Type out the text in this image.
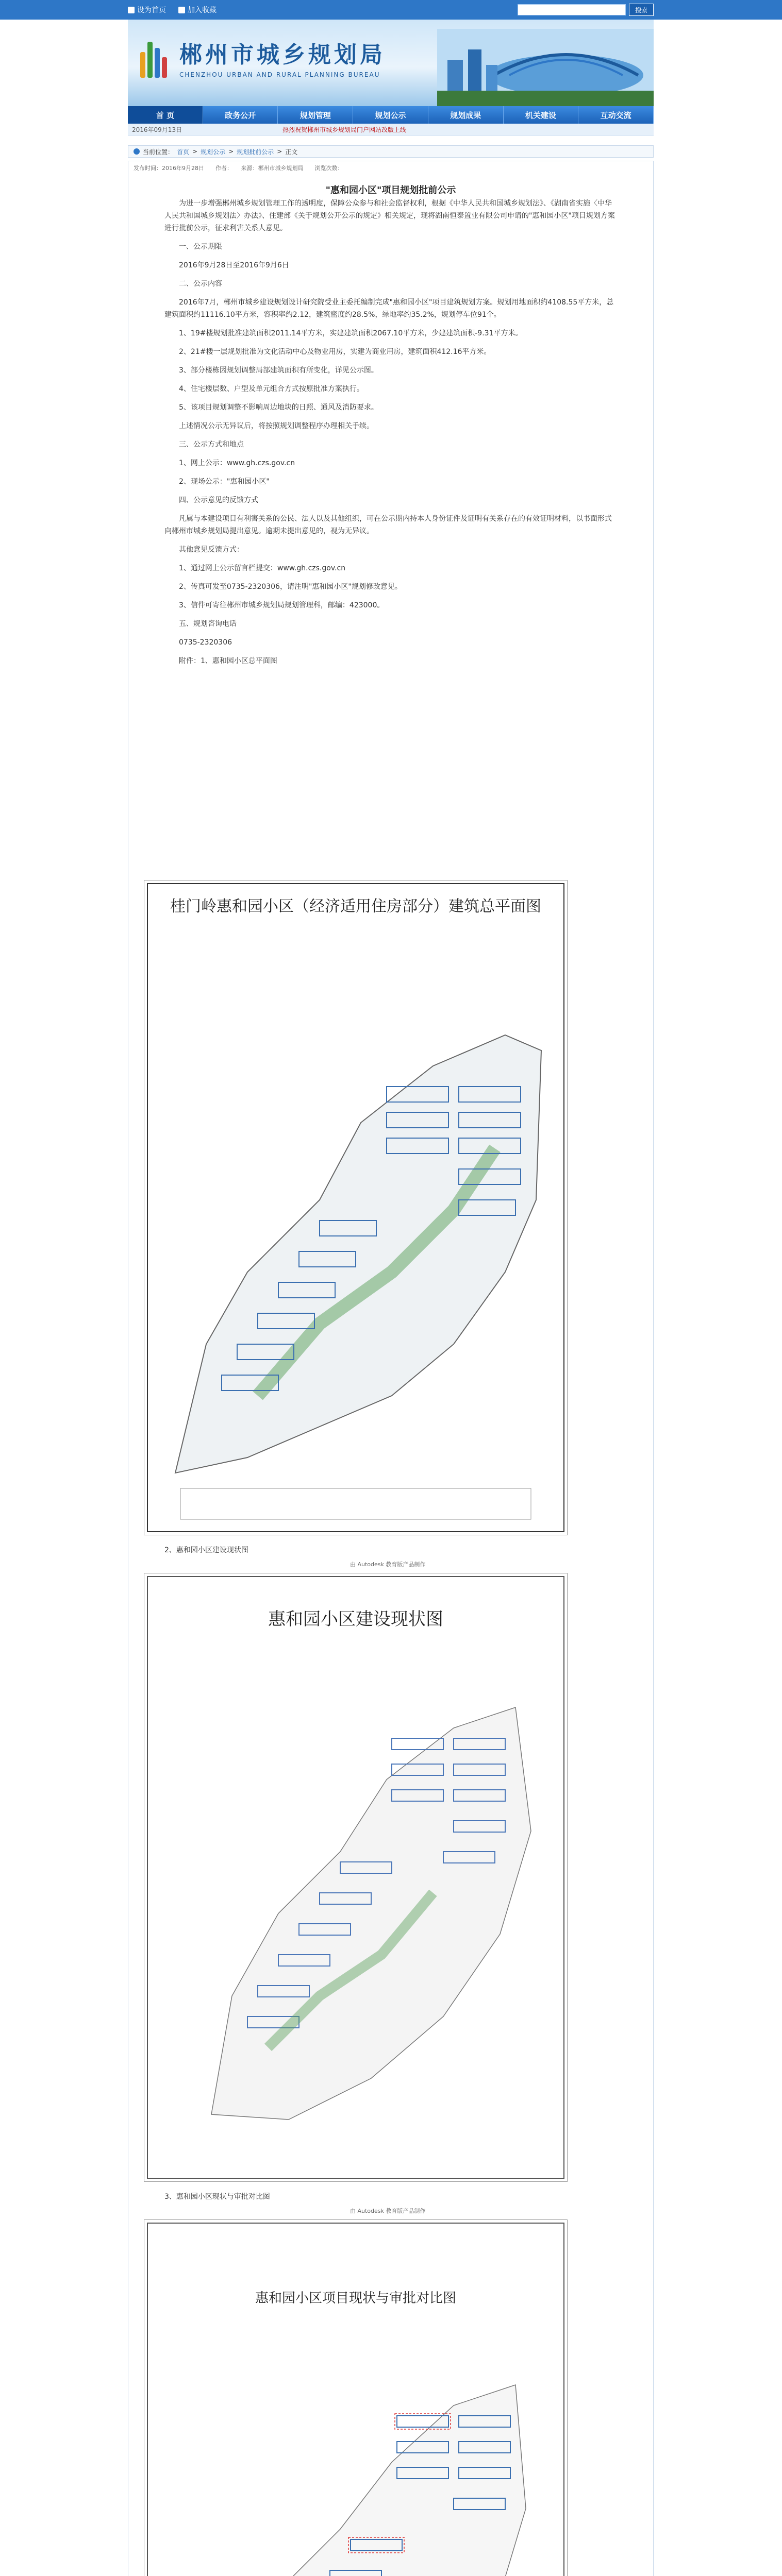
设为首页	加入收藏	搜索
郴州市城乡规划局
CHENZHOU URBAN AND RURAL PLANNING BUREAU
首 页	政务公开	规划管理	规划公示	规划成果	机关建设	互动交流
2016年09月13日	热烈祝贺郴州市城乡规划局门户网站改版上线
当前位置： 首页 > 规划公示 > 规划批前公示 > 正文
发布时间：2016年9月28日　　作者：　　来源：郴州市城乡规划局　　浏览次数：
"惠和园小区"项目规划批前公示

为进一步增强郴州城乡规划管理工作的透明度，保障公众参与和社会监督权利，根据《中华人民共和国城乡规划法》、《湖南省实施〈中华人民共和国城乡规划法〉办法》、住建部《关于规划公开公示的规定》相关规定，现将湖南恒泰置业有限公司申请的"惠和园小区"项目规划方案进行批前公示，征求利害关系人意见。

一、公示期限

2016年9月28日至2016年9月6日

二、公示内容

2016年7月，郴州市城乡建设规划设计研究院受业主委托编制完成"惠和园小区"项目建筑规划方案。规划用地面积约4108.55平方米，总建筑面积约11116.10平方米，容积率约2.12，建筑密度约28.5%，绿地率约35.2%，规划停车位91个。

1、19#楼规划批准建筑面积2011.14平方米，实建建筑面积2067.10平方米，少建建筑面积-9.31平方米。

2、21#楼一层规划批准为文化活动中心及物业用房，实建为商业用房，建筑面积412.16平方米。

3、部分楼栋因规划调整局部建筑面积有所变化，详见公示图。

4、住宅楼层数、户型及单元组合方式按原批准方案执行。

5、该项目规划调整不影响周边地块的日照、通风及消防要求。

上述情况公示无异议后，将按照规划调整程序办理相关手续。

三、公示方式和地点

1、网上公示：www.gh.czs.gov.cn

2、现场公示："惠和园小区"

四、公示意见的反馈方式

凡属与本建设项目有利害关系的公民、法人以及其他组织，可在公示期内持本人身份证件及证明有关系存在的有效证明材料，以书面形式向郴州市城乡规划局提出意见。逾期未提出意见的，视为无异议。

其他意见反馈方式：

1、通过网上公示留言栏提交：www.gh.czs.gov.cn

2、传真可发至0735-2320306，请注明"惠和园小区"规划修改意见。

3、信件可寄往郴州市城乡规划局规划管理科，邮编：423000。

五、规划咨询电话

0735-2320306

附件：1、惠和园小区总平面图

桂门岭惠和园小区（经济适用住房部分）建筑总平面图
2、惠和园小区建设现状图
由 Autodesk 教育版产品制作
惠和园小区建设现状图
3、惠和园小区现状与审批对比图
由 Autodesk 教育版产品制作
惠和园小区项目现状与审批对比图
